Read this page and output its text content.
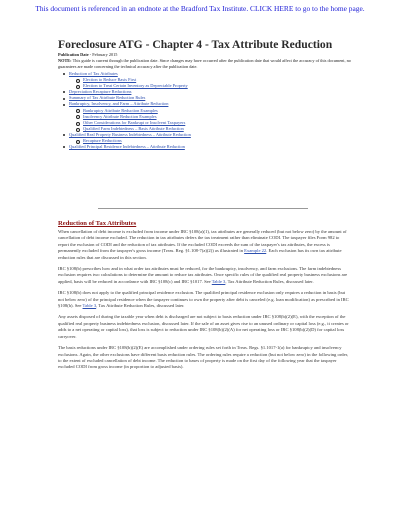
This document is referenced in an endnote at the Bradford Tax Institute. CLICK HERE to go to the home page.
Foreclosure ATG - Chapter 4 - Tax Attribute Reduction
Publication Date - February 2015
NOTE: This guide is current through the publication date. Since changes may have occurred after the publication date that would affect the accuracy of this document, no guarantees are made concerning the technical accuracy after the publication date.
Reduction of Tax Attributes
Election to Reduce Basis First
Election to Treat Certain Inventory as Depreciable Property
Depreciation Recapture Reductions
Summary of Tax Attribute Reduction Rules
Bankruptcy, Insolvency, and Farm – Attribute Reduction
Bankruptcy Attribute Reduction Examples
Insolvency Attribute Reduction Examples
Other Considerations for Bankrupt or Insolvent Taxpayers
Qualified Farm Indebtedness – Basis Attribute Reduction
Qualified Real Property Business Indebtedness – Attribute Reduction
Recapture Reductions
Qualified Principal Residence Indebtedness – Attribute Reduction
Reduction of Tax Attributes

When cancellation of debt income is excluded from income under IRC §108(a)(1), tax attributes are generally reduced (but not below zero) by the amount of cancellation of debt income excluded. The reduction in tax attributes defers the tax treatment rather than eliminate CODI. The taxpayer files Form 982 to report the exclusion of CODI and the reduction of tax attributes. If the excluded CODI exceeds the sum of the taxpayer's tax attributes, the excess is permanently excluded from the taxpayer's gross income (Treas. Reg. §1.108-7(a)(2)) as illustrated in Example 22. Each exclusion has its own tax attribute reduction rules that are discussed in this section.

IRC §108(b) prescribes how and in what order tax attributes must be reduced, for the bankruptcy, insolvency, and farm exclusions. The farm indebtedness exclusion requires two calculations to determine the amount to reduce tax attributes. Once specific rules of the qualified real property business exclusions are applied, basis will be reduced in accordance with IRC §108(c) and IRC §1017. See Table 3, Tax Attribute Reduction Rules, discussed later.

IRC §108(b) does not apply to the qualified principal residence exclusion. The qualified principal residence exclusion only requires a reduction in basis (but not below zero) of the principal residence when the taxpayer continues to own the property after debt is canceled (e.g. loan modification) as prescribed in IRC §108(h). See Table 3, Tax Attribute Reduction Rules, discussed later.

Any assets disposed of during the taxable year when debt is discharged are not subject to basis reduction under IRC §108(b)(2)(E), with the exception of the qualified real property business indebtedness exclusion, discussed later. If the sale of an asset gives rise to an unused ordinary or capital loss (e.g., it creates or adds to a net operating or capital loss), that loss is subject to reduction under IRC §108(b)(2)(A) for net operating loss or IRC §108(b)(2)(D) for capital loss carryover.

The basis reductions under IRC §108(b)(2)(E) are accomplished under ordering rules set forth in Treas. Regs. §1.1017-1(a) for bankruptcy and insolvency exclusions. Again, the other exclusions have different basis reduction rules. The ordering rules require a reduction (but not below zero) in the following order, to the extent of excluded cancellation of debt income. The reduction to bases of property is made on the first day of the following year that the taxpayer excluded CODI from gross income (in proportion to adjusted basis).
